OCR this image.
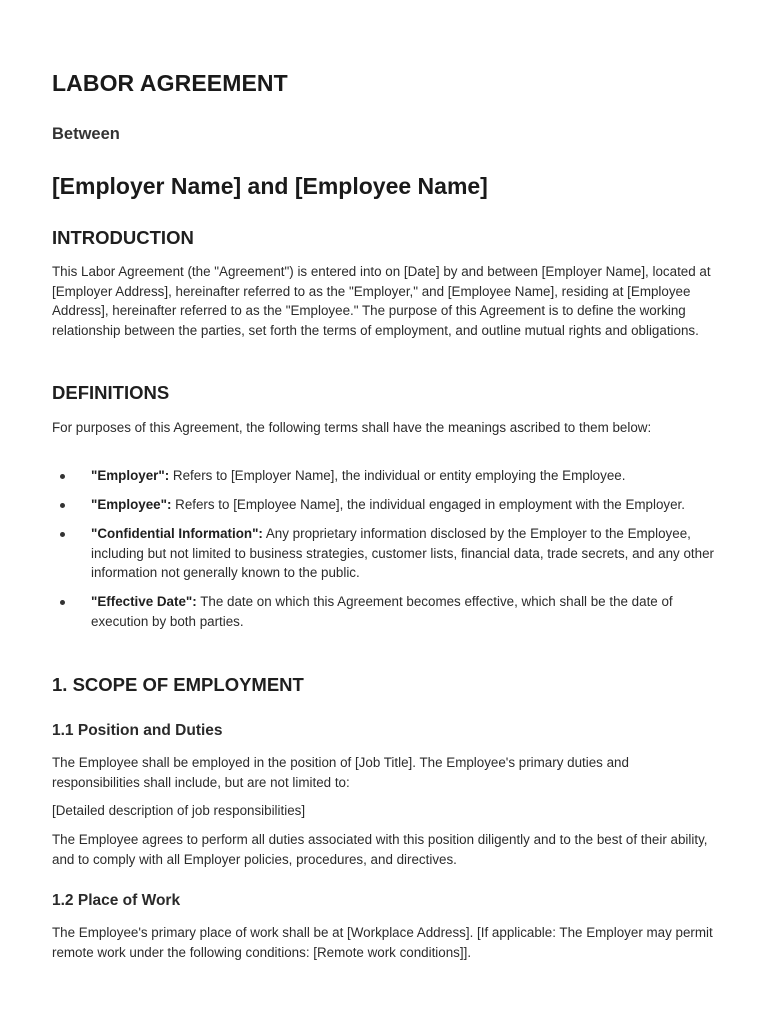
LABOR AGREEMENT
Between
[Employer Name] and [Employee Name]
INTRODUCTION

This Labor Agreement (the "Agreement") is entered into on [Date] by and between [Employer Name], located at [Employer Address], hereinafter referred to as the "Employer," and [Employee Name], residing at [Employee Address], hereinafter referred to as the "Employee." The purpose of this Agreement is to define the working relationship between the parties, set forth the terms of employment, and outline mutual rights and obligations.

DEFINITIONS

For purposes of this Agreement, the following terms shall have the meanings ascribed to them below:

"Employer": Refers to [Employer Name], the individual or entity employing the Employee.
"Employee": Refers to [Employee Name], the individual engaged in employment with the Employer.
"Confidential Information": Any proprietary information disclosed by the Employer to the Employee, including but not limited to business strategies, customer lists, financial data, trade secrets, and any other information not generally known to the public.
"Effective Date": The date on which this Agreement becomes effective, which shall be the date of execution by both parties.
1. SCOPE OF EMPLOYMENT
1.1 Position and Duties

The Employee shall be employed in the position of [Job Title]. The Employee's primary duties and responsibilities shall include, but are not limited to:

[Detailed description of job responsibilities]

The Employee agrees to perform all duties associated with this position diligently and to the best of their ability, and to comply with all Employer policies, procedures, and directives.

1.2 Place of Work

The Employee's primary place of work shall be at [Workplace Address]. [If applicable: The Employer may permit remote work under the following conditions: [Remote work conditions]].
